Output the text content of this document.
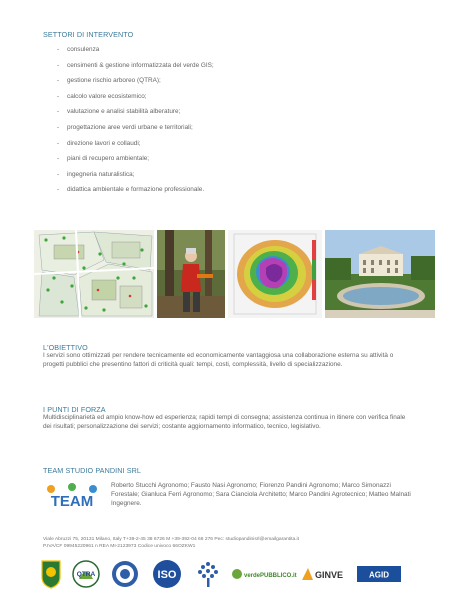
SETTORI DI INTERVENTO
- consulenza
- censimenti & gestione informatizzata del verde GIS;
- gestione rischio arboreo (QTRA);
- calcolo valore ecosistemico;
- valutazione e analisi stabilità alberature;
- progettazione aree verdi urbane e territoriali;
- direzione lavori e collaudi;
- piani di recupero ambientale;
- ingegneria naturalistica;
- didattica ambientale e formazione professionale.
L'OBIETTIVO
I servizi sono ottimizzati per rendere tecnicamente ed economicamente vantaggiosa una collaborazione esterna su attività o progetti pubblici che presentino fattori di criticità quali: tempi, costi, complessità, livello di specializzazione.
I PUNTI DI FORZA
Multidisciplinarietà ed ampio know-how ed esperienza; rapidi tempi di consegna; assistenza continua in itinere con verifica finale dei risultati; personalizzazione dei servizi; costante aggiornamento informatico, tecnico, legislativo.
TEAM STUDIO PANDINI SRL
TEAM
Roberto Stucchi Agronomo; Fausto Nasi Agronomo; Fiorenzo Pandini Agronomo; Marco Simonazzi Forestale; Gianluca Ferri Agronomo; Sara Cianciola Architetto; Marco Pandini Agrotecnico; Matteo Malnati Ingegnere.
Viale Abruzzi 75, 20131 Milano, Italy T+39-2-45 38 6726 M +39-392-04 66 276 Pec: studiopandinisrl@emailgarantita.it
P.IVA/CF 09945220961 n REA MI-2123973 Codice univoco 66OZKW1
QTRA	ISO	verdePUBBLICO.it GINVE	AGID
